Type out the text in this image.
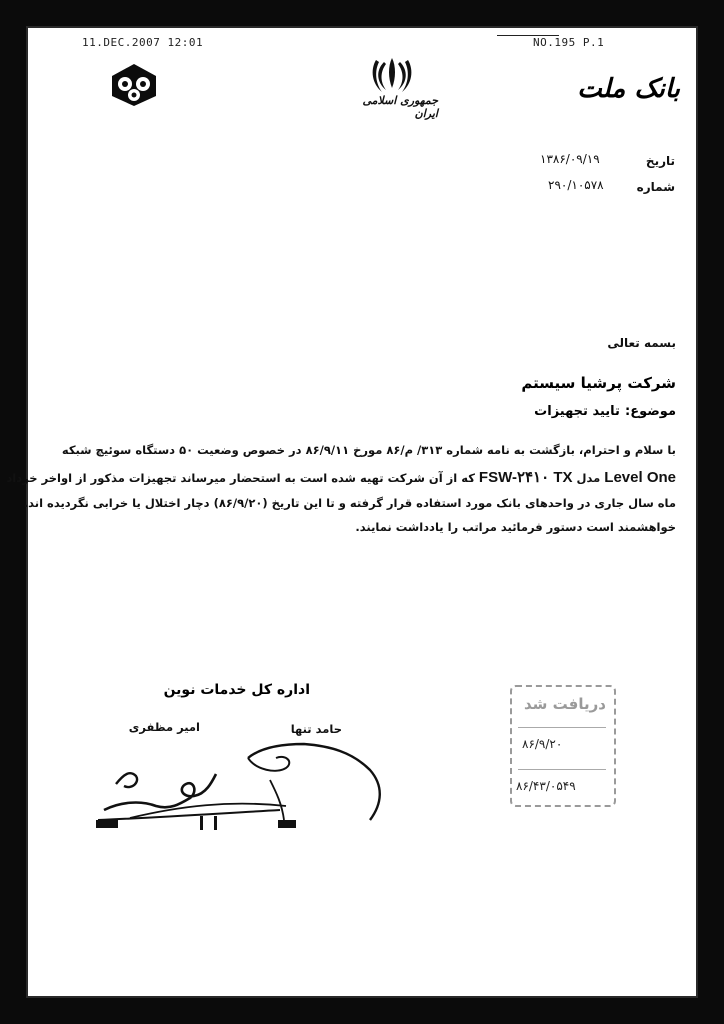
11.DEC.2007 12:01	NO.195 P.1
جمهوری اسلامی ایران
بانک ملت
تاریخ
۱۳۸۶/۰۹/۱۹
شماره
۲۹۰/۱۰۵۷۸
بسمه تعالی
شرکت پرشیا سیستم
موضوع: تایید تجهیزات
با سلام و احترام، بازگشت به نامه شماره ۳۱۳/ م/۸۶ مورخ ۸۶/۹/۱۱ در خصوص وضعیت ۵۰ دستگاه سوئیچ شبکه
Level One مدل FSW-۲۴۱۰ TX که از آن شرکت تهیه شده است به استحضار میرساند تجهیزات مذکور از اواخر خرداد
ماه سال جاری در واحدهای بانک مورد استفاده قرار گرفته و تا این تاریخ (۸۶/۹/۲۰) دچار اختلال یا خرابی نگردیده اند.
خواهشمند است دستور فرمائید مراتب را یادداشت نمایند.
اداره کل خدمات نوین
امیر مظفری	حامد تنها
دریافت شد
۸۶/۹/۲۰
۸۶/۴۳/۰۵۴۹
